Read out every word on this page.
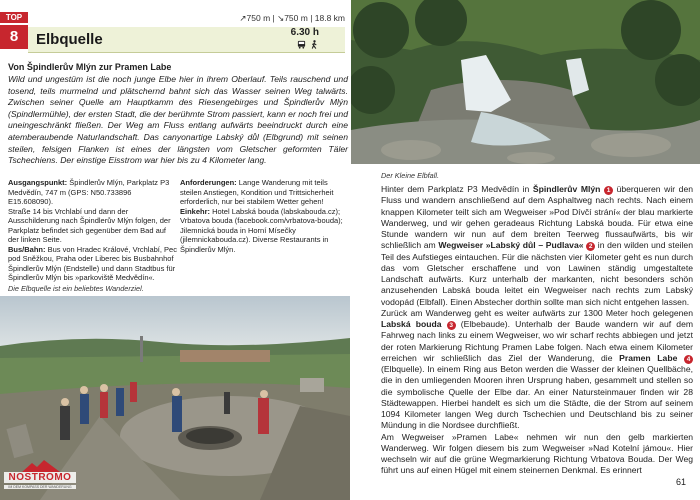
TOP
8
↗750 m | ↘750 m | 18.8 km
Elbquelle	6.30 h
Von Špindlerův Mlýn zur Pramen Labe
Wild und ungestüm ist die noch junge Elbe hier in ihrem Oberlauf. Teils rauschend und tosend, teils murmelnd und plätschernd bahnt sich das Wasser seinen Weg talwärts. Zwischen seiner Quelle am Hauptkamm des Riesengebirges und Špindlerův Mlýn (Spindlermühle), der ersten Stadt, die der berühmte Strom passiert, kann er noch frei und uneingeschränkt fließen. Der Weg am Fluss entlang aufwärts beeindruckt durch eine atemberaubende Naturlandschaft. Das canyonartige Labský důl (Elbgrund) mit seinen steilen, felsigen Flanken ist eines der längsten vom Gletscher geformten Täler Tschechiens. Der einstige Eisstrom war hier bis zu 4 Kilometer lang.

Ausgangspunkt: Špindlerův Mlýn, Parkplatz P3 Medvědín, 747 m (GPS: N50.733896 E15.608090).

Straße 14 bis Vrchlabí und dann der Ausschilderung nach Špindlerův Mlýn folgen, der Parkplatz befindet sich gegenüber dem Bad auf der linken Seite.

Bus/Bahn: Bus von Hradec Králové, Vrchlabí, Pec pod Sněžkou, Praha oder Liberec bis Busbahnhof Špindlerův Mlýn (Endstelle) und dann Stadtbus für Špindlerův Mlýn bis »parkoviště Medvědín«.

Anforderungen: Lange Wanderung mit teils steilen Anstiegen, Kondition und Trittsicherheit erforderlich, nur bei stabilem Wetter gehen!

Einkehr: Hotel Labská bouda (labskabouda.cz); Vrbatova bouda (facebook.com/vrbatova-bouda); Jilemnická bouda in Horní Mísečky (jilemnickabouda.cz). Diverse Restaurants in Špindlerův Mlýn.

Die Elbquelle ist ein beliebtes Wanderziel.
NOSTROMO
IM DEM KOMPASS DER WANDERUNG
Der Kleine Elbfall.

Hinter dem Parkplatz P3 Medvědín in Špindlerův Mlýn 1 überqueren wir den Fluss und wandern anschließend auf dem Asphaltweg nach rechts. Nach einem knappen Kilometer teilt sich am Wegweiser »Pod Dívčí strání« der blau markierte Wanderweg, und wir gehen geradeaus Richtung Labská bouda. Für etwa eine Stunde wandern wir nun auf dem breiten Teerweg flussaufwärts, bis wir schließlich am Wegweiser »Labský důl – Pudlava« 2 in den wilden und steilen Teil des Aufstieges eintauchen. Für die nächsten vier Kilometer geht es nun durch das vom Gletscher erschaffene und von Lawinen ständig umgestaltete Landschaft aufwärts. Kurz unterhalb der markanten, nicht besonders schön anzusehenden Labská bouda leitet ein Wegweiser nach rechts zum Labský vodopád (Elbfall). Einen Abstecher dorthin sollte man sich nicht entgehen lassen.

Zurück am Wanderweg geht es weiter aufwärts zur 1300 Meter hoch gelegenen Labská bouda 3 (Elbebaude). Unterhalb der Baude wandern wir auf dem Fahrweg nach links zu einem Wegweiser, wo wir scharf rechts abbiegen und jetzt der roten Markierung Richtung Pramen Labe folgen. Nach etwa einem Kilometer erreichen wir schließlich das Ziel der Wanderung, die Pramen Labe 4 (Elbquelle). In einem Ring aus Beton werden die Wasser der kleinen Quellbäche, die in den umliegenden Mooren ihren Ursprung haben, gesammelt und stellen so die symbolische Quelle der Elbe dar. An einer Natursteinmauer finden wir 28 Städtewappen. Hierbei handelt es sich um die Städte, die der Strom auf seinem 1094 Kilometer langen Weg durch Tschechien und Deutschland bis zu seiner Mündung in die Nordsee durchfließt.

Am Wegweiser »Pramen Labe« nehmen wir nun den gelb markierten Wanderweg. Wir folgen diesem bis zum Wegweiser »Nad Kotelní jámou«. Hier wechseln wir auf die grüne Wegmarkierung Richtung Vrbatova Bouda. Der Weg führt uns auf einen Hügel mit einem steinernen Denkmal. Es erinnert

61
